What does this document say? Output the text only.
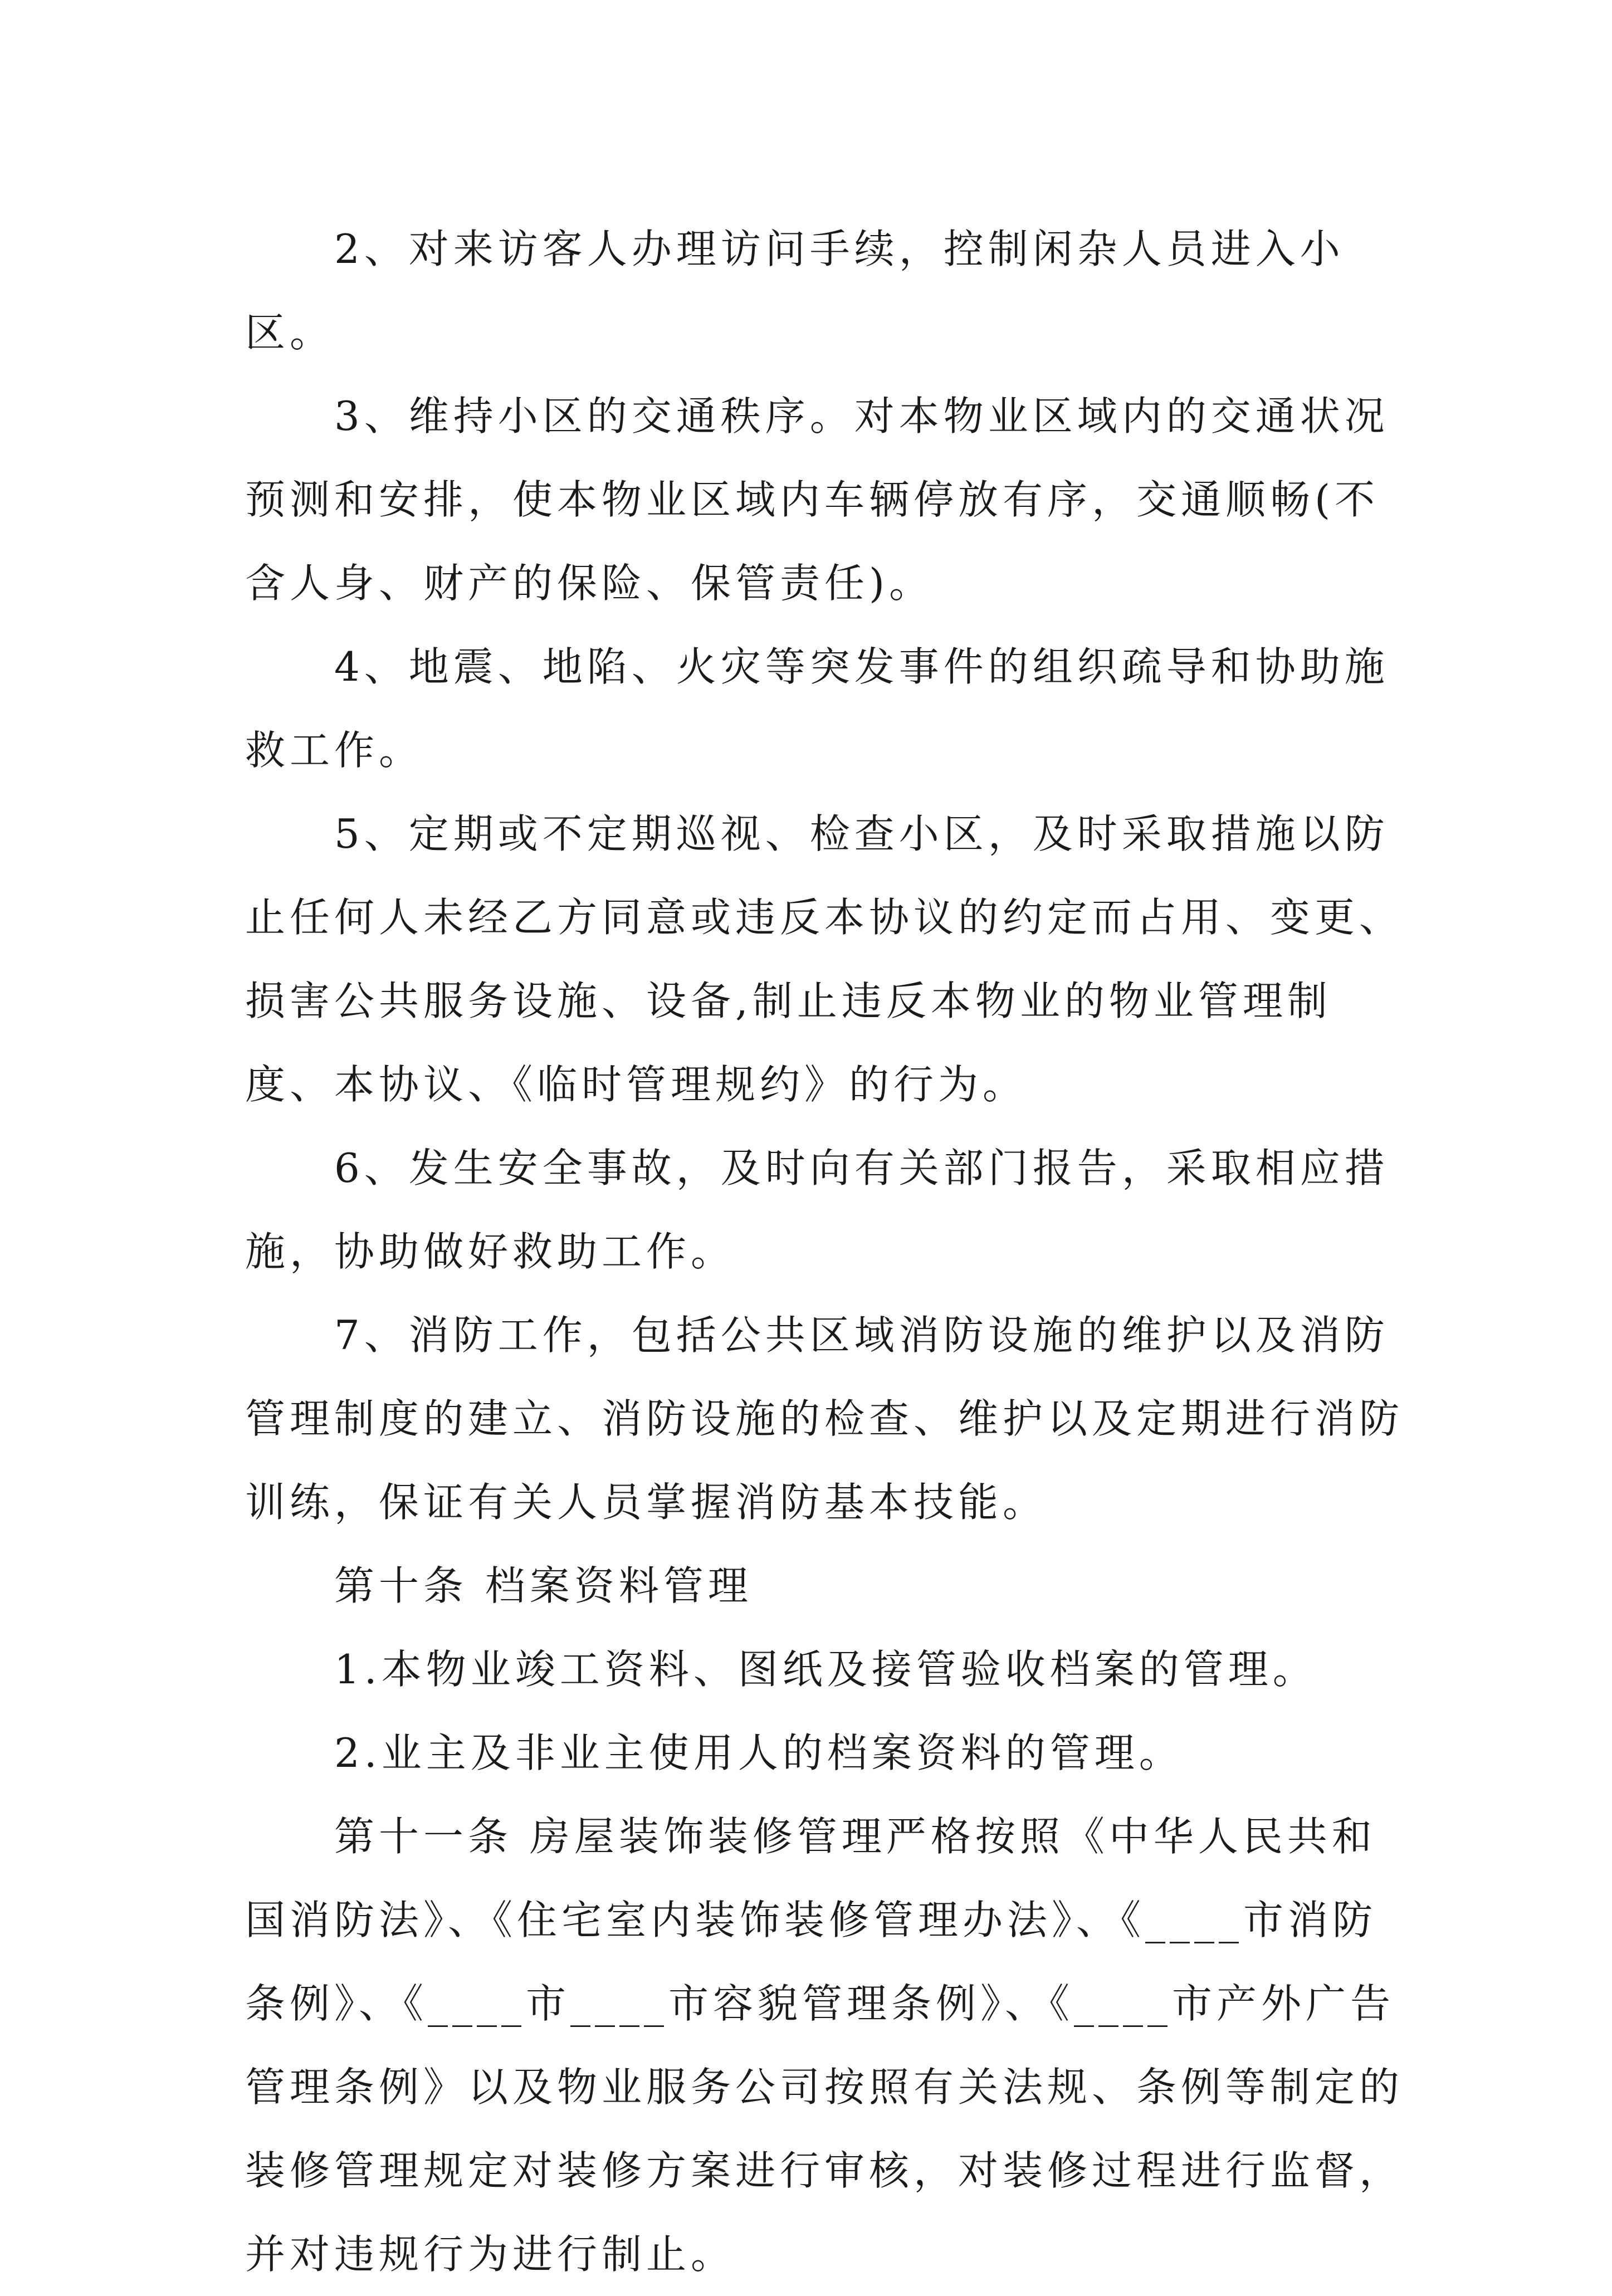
2、对来访客人办理访问手续，控制闲杂人员进入小区。

3、维持小区的交通秩序。对本物业区域内的交通状况预测和安排，使本物业区域内车辆停放有序，交通顺畅(不含人身、财产的保险、保管责任)。

4、地震、地陷、火灾等突发事件的组织疏导和协助施救工作。

5、定期或不定期巡视、检查小区，及时采取措施以防止任何人未经乙方同意或违反本协议的约定而占用、变更、损害公共服务设施、设备,制止违反本物业的物业管理制度、本协议、《临时管理规约》的行为。

6、发生安全事故，及时向有关部门报告，采取相应措施，协助做好救助工作。

7、消防工作，包括公共区域消防设施的维护以及消防管理制度的建立、消防设施的检查、维护以及定期进行消防训练，保证有关人员掌握消防基本技能。

第十条 档案资料管理

1.本物业竣工资料、图纸及接管验收档案的管理。

2.业主及非业主使用人的档案资料的管理。

第十一条 房屋装饰装修管理严格按照《中华人民共和国消防法》、《住宅室内装饰装修管理办法》、《____市消防条例》、《____市____市容貌管理条例》、《____市产外广告管理条例》以及物业服务公司按照有关法规、条例等制定的装修管理规定对装修方案进行审核，对装修过程进行监督，并对违规行为进行制止。
